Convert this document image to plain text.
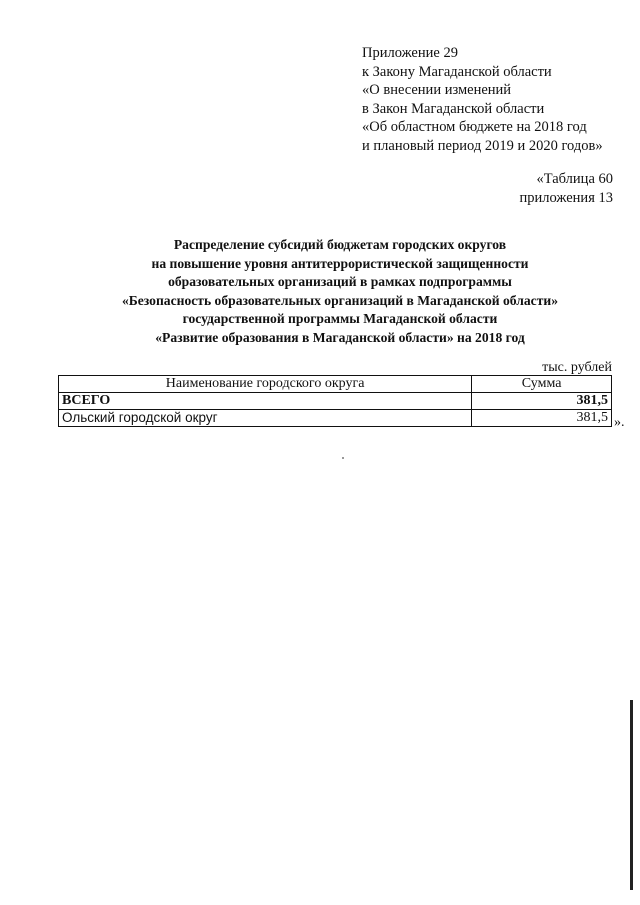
Приложение 29
к Закону Магаданской области
«О внесении изменений
в Закон Магаданской области
«Об областном бюджете на 2018 год
и плановый период 2019 и 2020 годов»
«Таблица 60
приложения 13
Распределение субсидий бюджетам городских округов
на повышение уровня антитеррористической защищенности
образовательных организаций в рамках подпрограммы
«Безопасность образовательных организаций в Магаданской области»
государственной программы Магаданской области
«Развитие образования в Магаданской области» на 2018 год
тыс. рублей
Наименование городского округа	Сумма
ВСЕГО	381,5
Ольский городской округ	381,5 ».
